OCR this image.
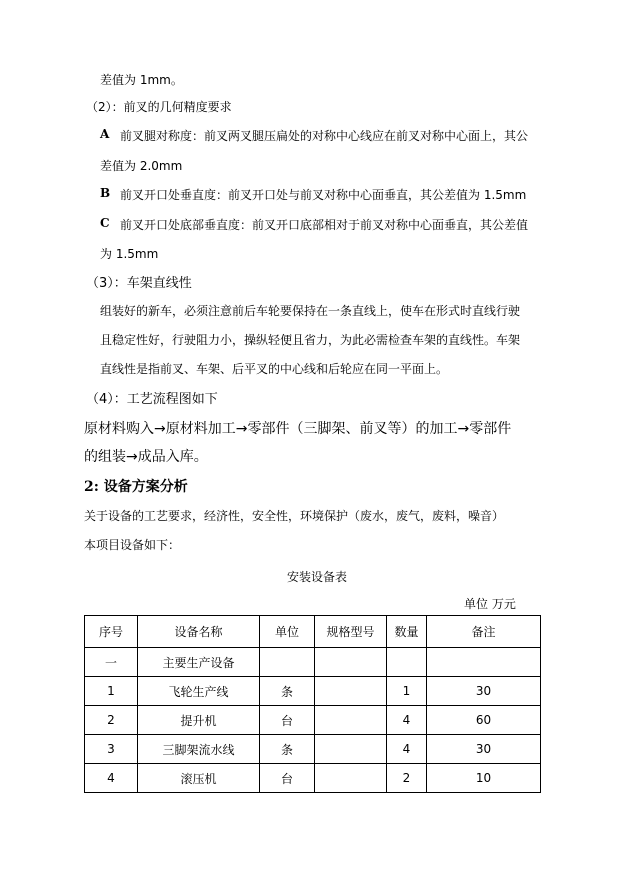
差值为 1mm。
（2）：前叉的几何精度要求
A 前叉腿对称度：前叉两叉腿压扁处的对称中心线应在前叉对称中心面上，其公
差值为 2.0mm
B 前叉开口处垂直度：前叉开口处与前叉对称中心面垂直，其公差值为 1.5mm
C 前叉开口处底部垂直度：前叉开口底部相对于前叉对称中心面垂直，其公差值
为 1.5mm
（3）：车架直线性
组装好的新车，必须注意前后车轮要保持在一条直线上，使车在形式时直线行驶
且稳定性好，行驶阻力小，操纵轻便且省力，为此必需检查车架的直线性。车架
直线性是指前叉、车架、后平叉的中心线和后轮应在同一平面上。
（4）：工艺流程图如下
原材料购入→原材料加工→零部件（三脚架、前叉等）的加工→零部件
的组装→成品入库。
2: 设备方案分析
关于设备的工艺要求，经济性，安全性，环境保护（废水，废气，废料，噪音）
本项目设备如下：
安装设备表
单位 万元
序号	设备名称	单位	规格型号	数量	备注
一	主要生产设备				
1	飞轮生产线	条		1	30
2	提升机	台		4	60
3	三脚架流水线	条		4	30
4	滚压机	台		2	10
